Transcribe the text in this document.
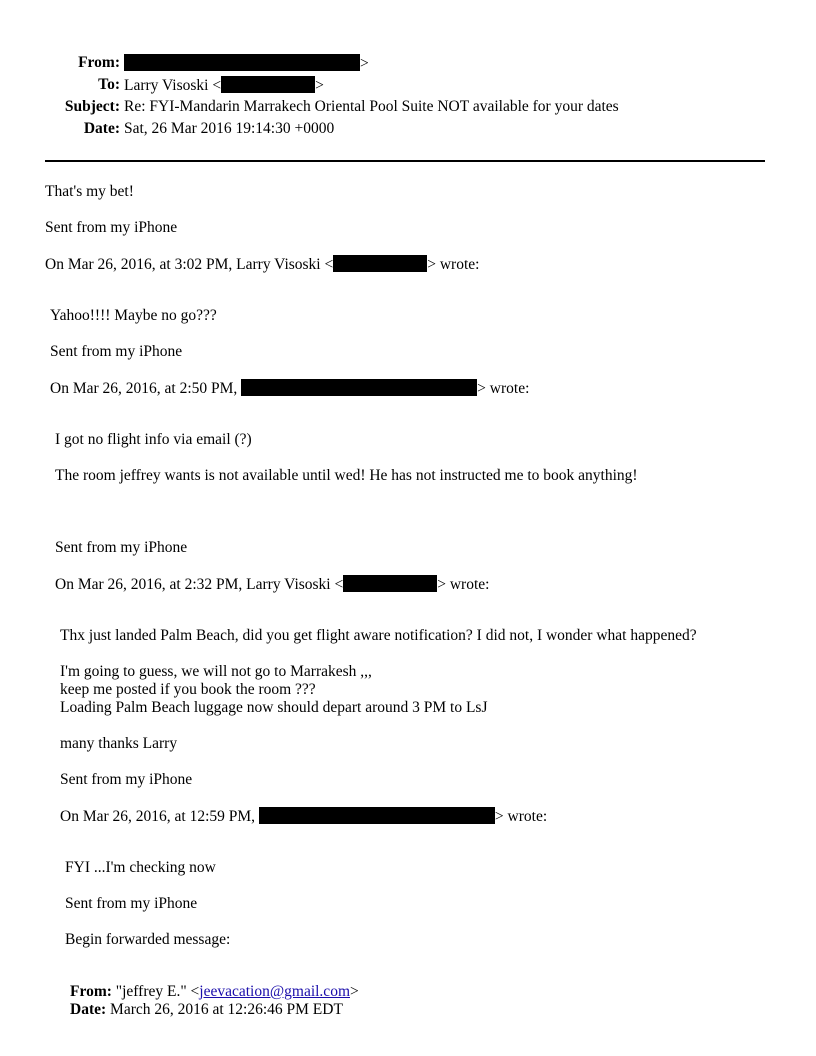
From:	>
To: Larry Visoski <	>
Subject: Re: FYI-Mandarin Marrakech Oriental Pool Suite NOT available for your dates
Date: Sat, 26 Mar 2016 19:14:30 +0000
That's my bet!
Sent from my iPhone
On Mar 26, 2016, at 3:02 PM, Larry Visoski <	> wrote:
Yahoo!!!! Maybe no go???
Sent from my iPhone
On Mar 26, 2016, at 2:50 PM,	> wrote:
I got no flight info via email (?)
The room jeffrey wants is not available until wed! He has not instructed me to book anything!
Sent from my iPhone
On Mar 26, 2016, at 2:32 PM, Larry Visoski <	> wrote:
Thx just landed Palm Beach, did you get flight aware notification? I did not, I wonder what happened?
I'm going to guess, we will not go to Marrakesh ,,,
keep me posted if you book the room ???
Loading Palm Beach luggage now should depart around 3 PM to LsJ
many thanks Larry
Sent from my iPhone
On Mar 26, 2016, at 12:59 PM,	> wrote:
FYI ...I'm checking now
Sent from my iPhone
Begin forwarded message:
From: "jeffrey E." <jeevacation@gmail.com>
Date: March 26, 2016 at 12:26:46 PM EDT
